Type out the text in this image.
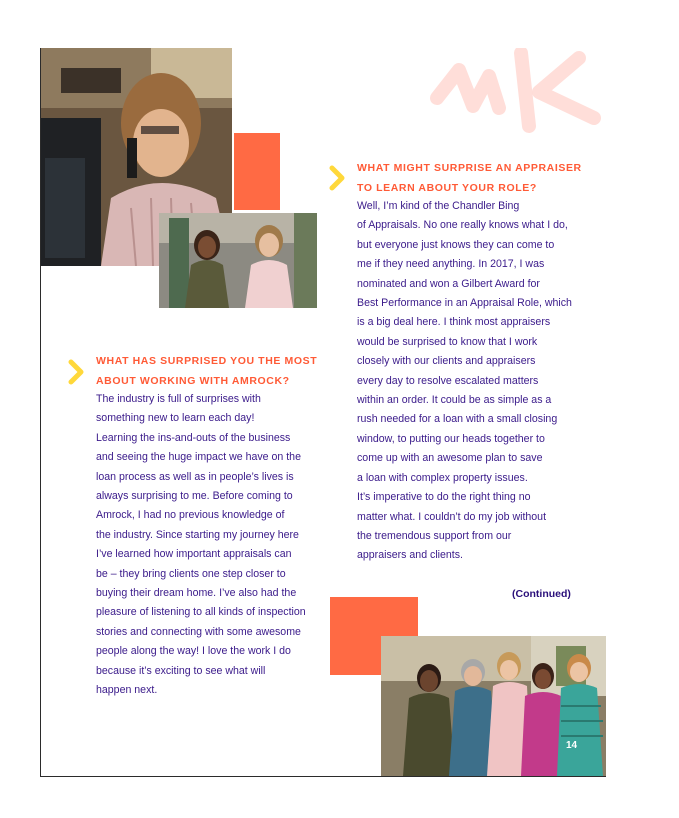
WHAT HAS SURPRISED YOU THE MOST
ABOUT WORKING WITH AMROCK?
The industry is full of surprises with
something new to learn each day!
Learning the ins-and-outs of the business
and seeing the huge impact we have on the
loan process as well as in people’s lives is
always surprising to me. Before coming to
Amrock, I had no previous knowledge of
the industry. Since starting my journey here
I’ve learned how important appraisals can
be – they bring clients one step closer to
buying their dream home. I’ve also had the
pleasure of listening to all kinds of inspection
stories and connecting with some awesome
people along the way! I love the work I do
because it’s exciting to see what will
happen next.
WHAT MIGHT SURPRISE AN APPRAISER
TO LEARN ABOUT YOUR ROLE?
Well, I’m kind of the Chandler Bing
of Appraisals. No one really knows what I do,
but everyone just knows they can come to
me if they need anything. In 2017, I was
nominated and won a Gilbert Award for
Best Performance in an Appraisal Role, which
is a big deal here. I think most appraisers
would be surprised to know that I work
closely with our clients and appraisers
every day to resolve escalated matters
within an order. It could be as simple as a
rush needed for a loan with a small closing
window, to putting our heads together to
come up with an awesome plan to save
a loan with complex property issues.
It’s imperative to do the right thing no
matter what. I couldn’t do my job without
the tremendous support from our
appraisers and clients.
(Continued)
14
